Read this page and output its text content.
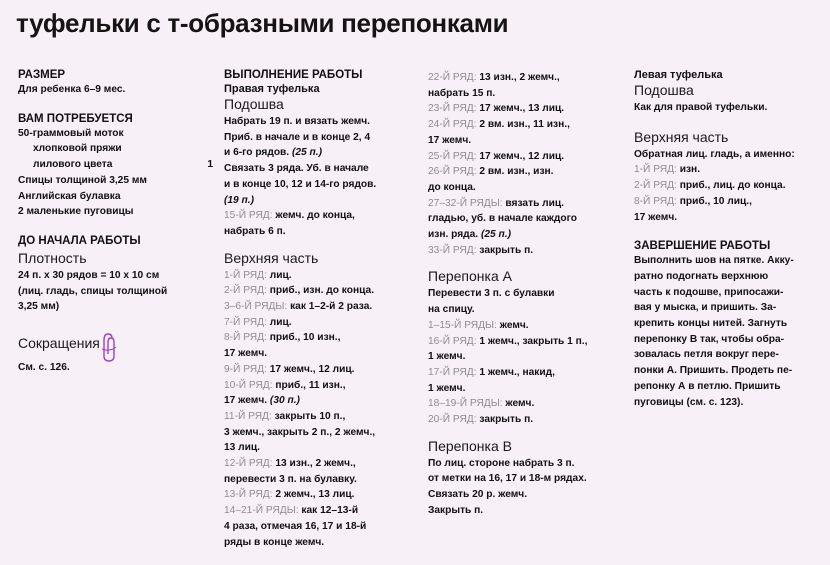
туфельки с т-образными перепонками

РАЗМЕР

Для ребенка 6–9 мес.

ВАМ ПОТРЕБУЕТСЯ

50-граммовый моток

хлопковой пряжи

лилового цвета	1

Спицы толщиной 3,25 мм

Английская булавка

2 маленькие пуговицы

ДО НАЧАЛА РАБОТЫ

Плотность

24 п. х 30 рядов = 10 х 10 см

(лиц. гладь, спицы толщиной

3,25 мм)

Сокращения

См. с. 126.

ВЫПОЛНЕНИЕ РАБОТЫ

Правая туфелька

Подошва

Набрать 19 п. и вязать жемч.

Приб. в начале и в конце 2, 4

и 6-го рядов. (25 п.)

Связать 3 ряда. Уб. в начале

и в конце 10, 12 и 14-го рядов.

(19 п.)

15-Й РЯД: жемч. до конца,

набрать 6 п.

Верхняя часть

1-Й РЯД: лиц.

2-Й РЯД: приб., изн. до конца.

3–6-Й РЯДЫ: как 1–2-й 2 раза.

7-Й РЯД: лиц.

8-Й РЯД: приб., 10 изн.,

17 жемч.

9-Й РЯД: 17 жемч., 12 лиц.

10-Й РЯД: приб., 11 изн.,

17 жемч. (30 п.)

11-Й РЯД: закрыть 10 п.,

3 жемч., закрыть 2 п., 2 жемч.,

13 лиц.

12-Й РЯД: 13 изн., 2 жемч.,

перевести 3 п. на булавку.

13-Й РЯД: 2 жемч., 13 лиц.

14–21-Й РЯДЫ: как 12–13-й

4 раза, отмечая 16, 17 и 18-й

ряды в конце жемч.

22-Й РЯД: 13 изн., 2 жемч.,

набрать 15 п.

23-Й РЯД: 17 жемч., 13 лиц.

24-Й РЯД: 2 вм. изн., 11 изн.,

17 жемч.

25-Й РЯД: 17 жемч., 12 лиц.

26-Й РЯД: 2 вм. изн., изн.

до конца.

27–32-Й РЯДЫ: вязать лиц.

гладью, уб. в начале каждого

изн. ряда. (25 п.)

33-Й РЯД: закрыть п.

Перепонка А

Перевести 3 п. с булавки

на спицу.

1–15-Й РЯДЫ: жемч.

16-Й РЯД: 1 жемч., закрыть 1 п.,

1 жемч.

17-Й РЯД: 1 жемч., накид,

1 жемч.

18–19-Й РЯДЫ: жемч.

20-Й РЯД: закрыть п.

Перепонка В

По лиц. стороне набрать 3 п.

от метки на 16, 17 и 18-м рядах.

Связать 20 р. жемч.

Закрыть п.

Левая туфелька

Подошва

Как для правой туфельки.

Верхняя часть

Обратная лиц. гладь, а именно:

1-Й РЯД: изн.

2-Й РЯД: приб., лиц. до конца.

8-Й РЯД: приб., 10 лиц.,

17 жемч.

ЗАВЕРШЕНИЕ РАБОТЫ

Выполнить шов на пятке. Акку-

ратно подогнать верхнюю

часть к подошве, припосажи-

вая у мыска, и пришить. За-

крепить концы нитей. Загнуть

перепонку В так, чтобы обра-

зовалась петля вокруг пере-

понки А. Пришить. Продеть пе-

репонку А в петлю. Пришить

пуговицы (см. с. 123).
